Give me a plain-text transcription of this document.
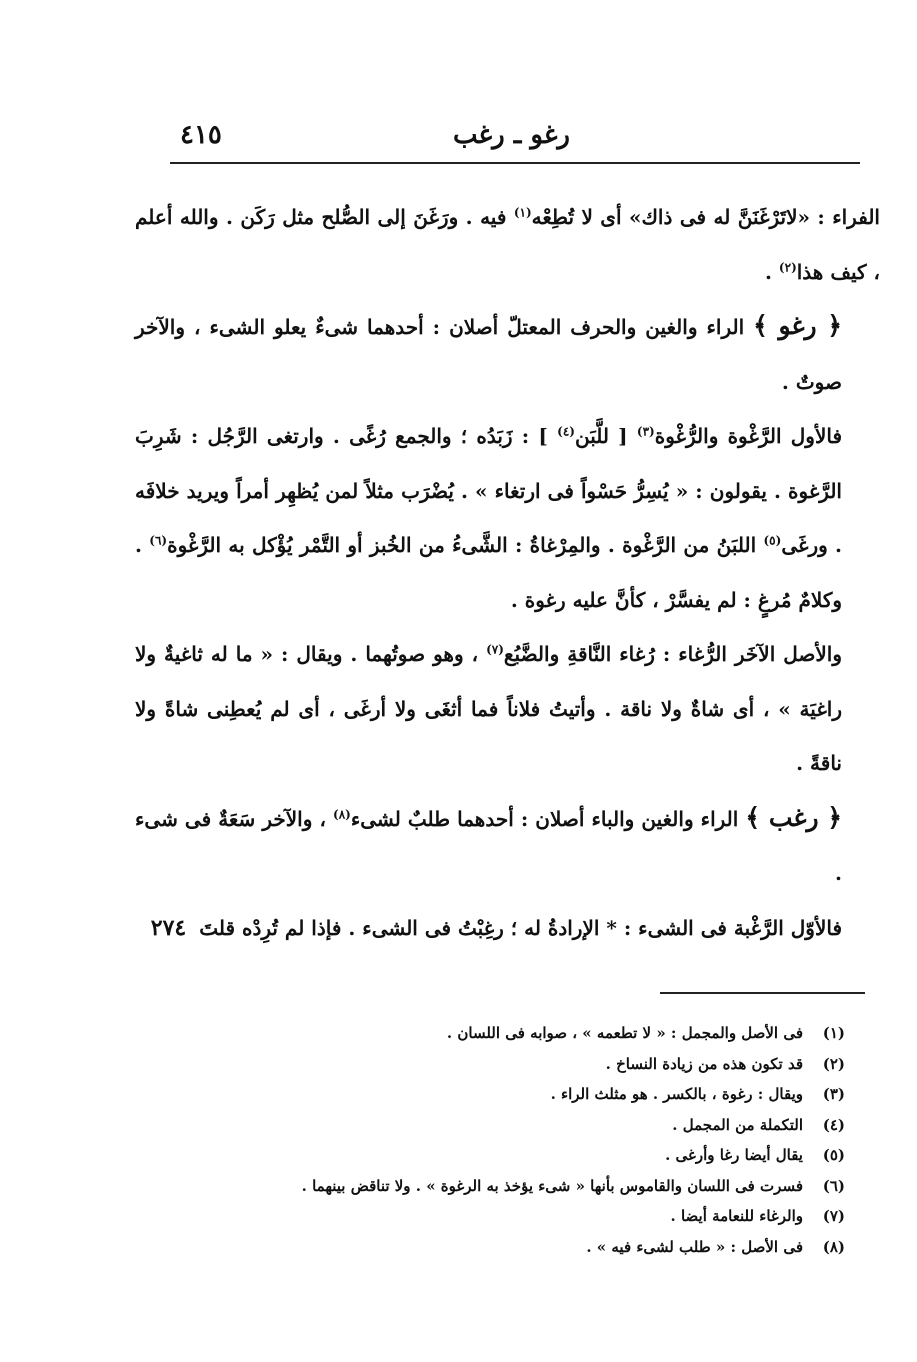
رغو ـ رغب
٤١٥

الفراء : «لاتَرْغَنَنَّ له فى ذاك» أى لا تُطِعْه$^{(١)}$ فيه . ورَغَنَ إلى الصُّلح مثل رَكَن . والله أعلم ، كيف هذا$^{(٢)}$ .

﴿ رغو ﴾ الراء والغين والحرف المعتلّ أصلان : أحدهما شىءٌ يعلو الشىء ، والآخر صوتٌ .

فالأول الرَّغْوة والرُّغْوة$^{(٣)}$ [ للَّبَن$^{(٤)}$ ] : زَبَدُه ؛ والجمع رُغًى . وارتغى الرَّجُل : شَرِبَ الرَّغوة . يقولون : « يُسِرُّ حَسْواً فى ارتغاء » . يُضْرَب مثلاً لمن يُظهِر أمراً ويريد خلافَه . ورغَى$^{(٥)}$ اللبَنُ من الرَّغْوة . والمِرْغاةُ : الشَّىءُ من الخُبز أو التَّمْر يُؤْكل به الرَّغْوة$^{(٦)}$ . وكلامٌ مُرغٍ : لم يفسَّرْ ، كأنَّ عليه رغوة .

والأصل الآخَر الرُّغاء : رُغاء النَّاقةِ والضَّبُع$^{(٧)}$ ، وهو صوتُهما . ويقال : « ما له ثاغيةٌ ولا راغيَة » ، أى شاةٌ ولا ناقة . وأتيتُ فلاناً فما أثغَى ولا أرغَى ، أى لم يُعطِنى شاةً ولا ناقةً .

﴿ رغب ﴾ الراء والغين والباء أصلان : أحدهما طلبٌ لشىء$^{(٨)}$ ، والآخر سَعَةٌ فى شىء .

فالأوّل الرَّغْبة فى الشىء : * الإرادةُ له ؛ رغِبْتُ فى الشىء . فإذا لم تُرِدْه قلتَ ٢٧٤

(١)فى الأصل والمجمل : « لا تطعمه » ، صوابه فى اللسان .
(٢)قد تكون هذه من زيادة النساخ .
(٣)ويقال : رغوة ، بالكسر . هو مثلث الراء .
(٤)التكملة من المجمل .
(٥)يقال أيضا رغا وأرغى .
(٦)فسرت فى اللسان والقاموس بأنها « شىء يؤخذ به الرغوة » . ولا تناقض بينهما .
(٧)والرغاء للنعامة أيضا .
(٨)فى الأصل : « طلب لشىء فيه » .
